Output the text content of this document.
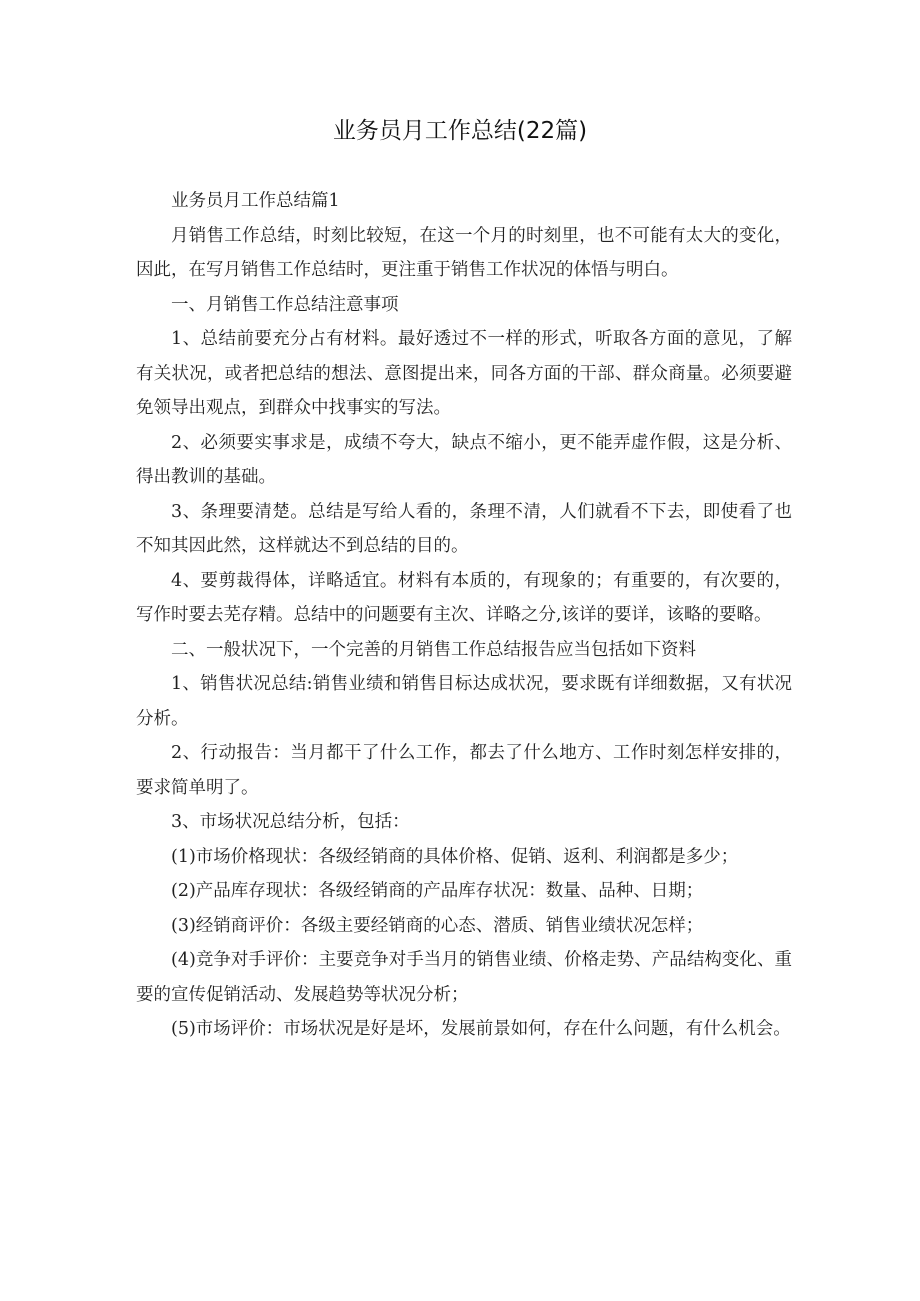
业务员月工作总结(22篇)

业务员月工作总结篇1

月销售工作总结，时刻比较短，在这一个月的时刻里，也不可能有太大的变化，因此，在写月销售工作总结时，更注重于销售工作状况的体悟与明白。

一、月销售工作总结注意事项

1、总结前要充分占有材料。最好透过不一样的形式，听取各方面的意见，了解有关状况，或者把总结的想法、意图提出来，同各方面的干部、群众商量。必须要避免领导出观点，到群众中找事实的写法。

2、必须要实事求是，成绩不夸大，缺点不缩小，更不能弄虚作假，这是分析、得出教训的基础。

3、条理要清楚。总结是写给人看的，条理不清，人们就看不下去，即使看了也不知其因此然，这样就达不到总结的目的。

4、要剪裁得体，详略适宜。材料有本质的，有现象的；有重要的，有次要的，写作时要去芜存精。总结中的问题要有主次、详略之分,该详的要详，该略的要略。

二、一般状况下，一个完善的月销售工作总结报告应当包括如下资料

1、销售状况总结:销售业绩和销售目标达成状况，要求既有详细数据，又有状况分析。

2、行动报告：当月都干了什么工作，都去了什么地方、工作时刻怎样安排的，要求简单明了。

3、市场状况总结分析，包括：

(1)市场价格现状：各级经销商的具体价格、促销、返利、利润都是多少；

(2)产品库存现状：各级经销商的产品库存状况：数量、品种、日期；

(3)经销商评价：各级主要经销商的心态、潜质、销售业绩状况怎样；

(4)竞争对手评价：主要竞争对手当月的销售业绩、价格走势、产品结构变化、重要的宣传促销活动、发展趋势等状况分析；

(5)市场评价：市场状况是好是坏，发展前景如何，存在什么问题，有什么机会。
